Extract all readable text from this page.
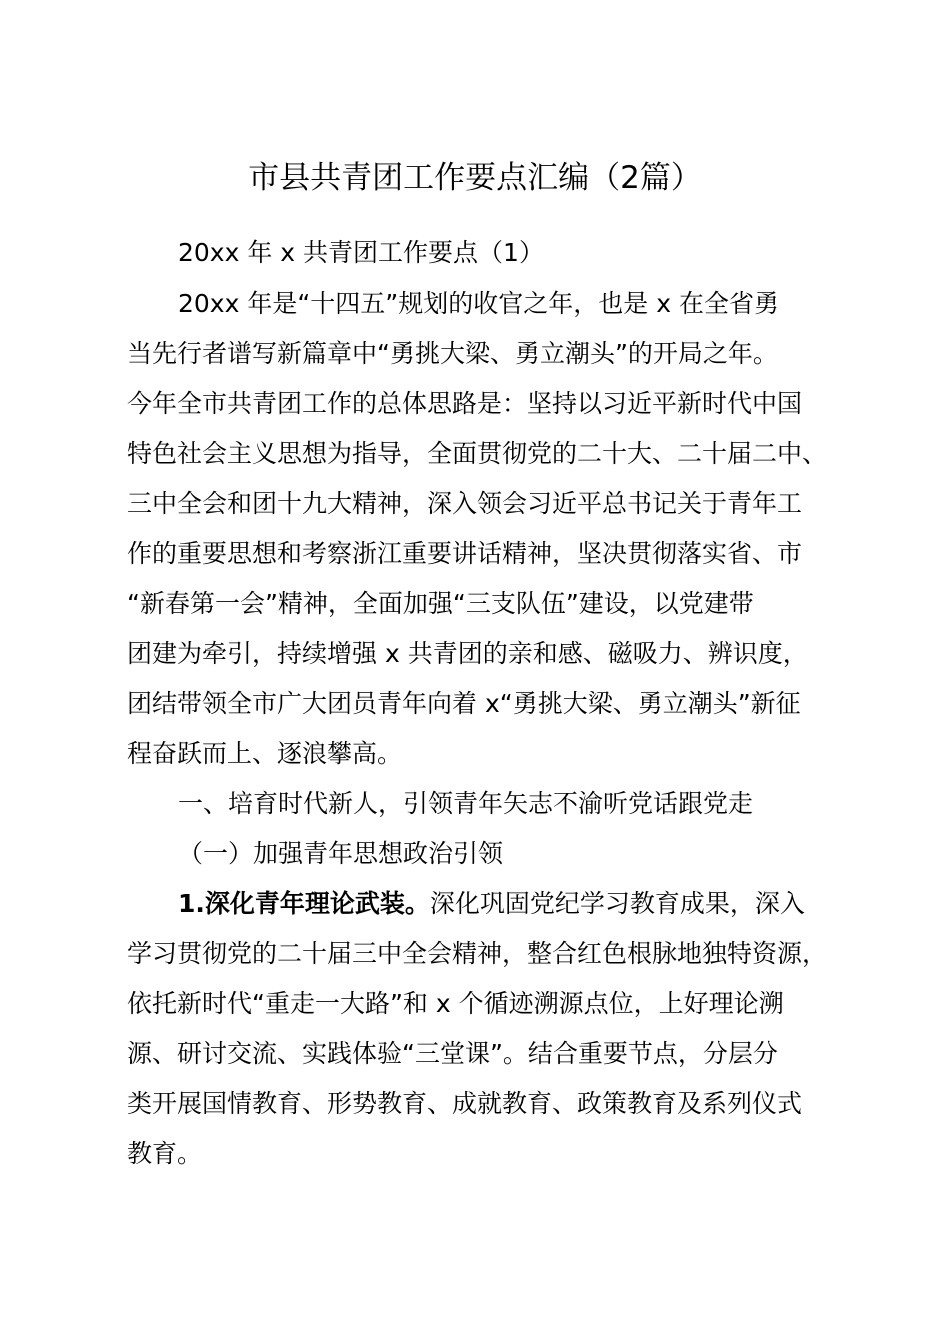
市县共青团工作要点汇编（2篇）
20xx 年 x 共青团工作要点（1）
20xx 年是“十四五”规划的收官之年，也是 x 在全省勇
当先行者谱写新篇章中“勇挑大梁、勇立潮头”的开局之年。
今年全市共青团工作的总体思路是：坚持以习近平新时代中国
特色社会主义思想为指导，全面贯彻党的二十大、二十届二中、
三中全会和团十九大精神，深入领会习近平总书记关于青年工
作的重要思想和考察浙江重要讲话精神，坚决贯彻落实省、市
“新春第一会”精神，全面加强“三支队伍”建设，以党建带
团建为牵引，持续增强 x 共青团的亲和感、磁吸力、辨识度，
团结带领全市广大团员青年向着 x“勇挑大梁、勇立潮头”新征
程奋跃而上、逐浪攀高。
一、培育时代新人，引领青年矢志不渝听党话跟党走
（一）加强青年思想政治引领
1.深化青年理论武装。深化巩固党纪学习教育成果，深入
学习贯彻党的二十届三中全会精神，整合红色根脉地独特资源，
依托新时代“重走一大路”和 x 个循迹溯源点位，上好理论溯
源、研讨交流、实践体验“三堂课”。结合重要节点，分层分
类开展国情教育、形势教育、成就教育、政策教育及系列仪式
教育。
